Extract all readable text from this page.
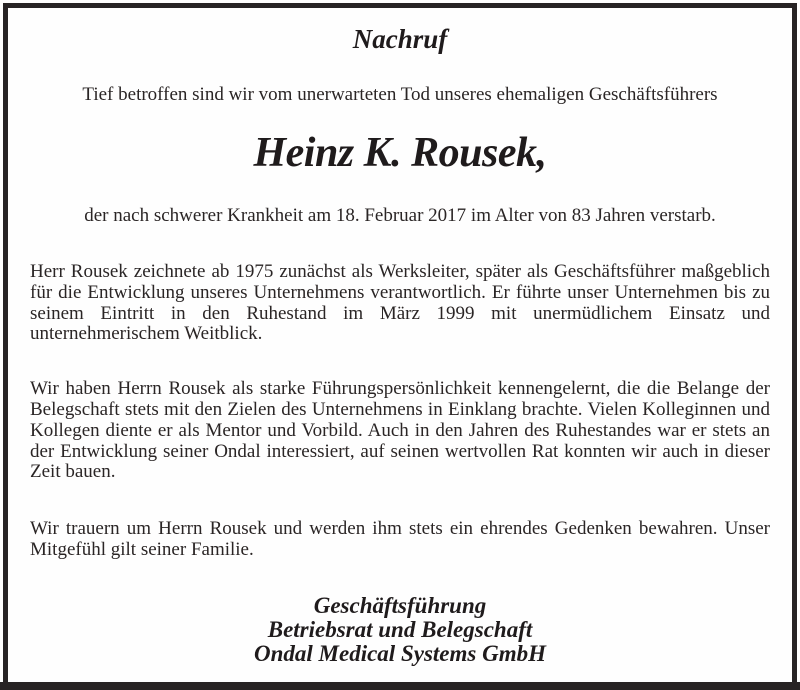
Nachruf
Tief betroffen sind wir vom unerwarteten Tod unseres ehemaligen Geschäftsführers
Heinz K. Rousek,
der nach schwerer Krankheit am 18. Februar 2017 im Alter von 83 Jahren verstarb.

Herr Rousek zeichnete ab 1975 zunächst als Werksleiter, später als Geschäftsführer maßgeblich für die Entwicklung unseres Unternehmens verantwortlich. Er führte unser Unternehmen bis zu seinem Eintritt in den Ruhestand im März 1999 mit unermüdlichem Einsatz und unternehmerischem Weitblick.

Wir haben Herrn Rousek als starke Führungspersönlichkeit kennengelernt, die die Belange der Belegschaft stets mit den Zielen des Unternehmens in Einklang brachte. Vielen Kolleginnen und Kollegen diente er als Mentor und Vorbild. Auch in den Jahren des Ruhestandes war er stets an der Entwicklung seiner Ondal interessiert, auf seinen wertvollen Rat konnten wir auch in dieser Zeit bauen.

Wir trauern um Herrn Rousek und werden ihm stets ein ehrendes Gedenken bewahren. Unser Mitgefühl gilt seiner Familie.

Geschäftsführung
Betriebsrat und Belegschaft
Ondal Medical Systems GmbH
